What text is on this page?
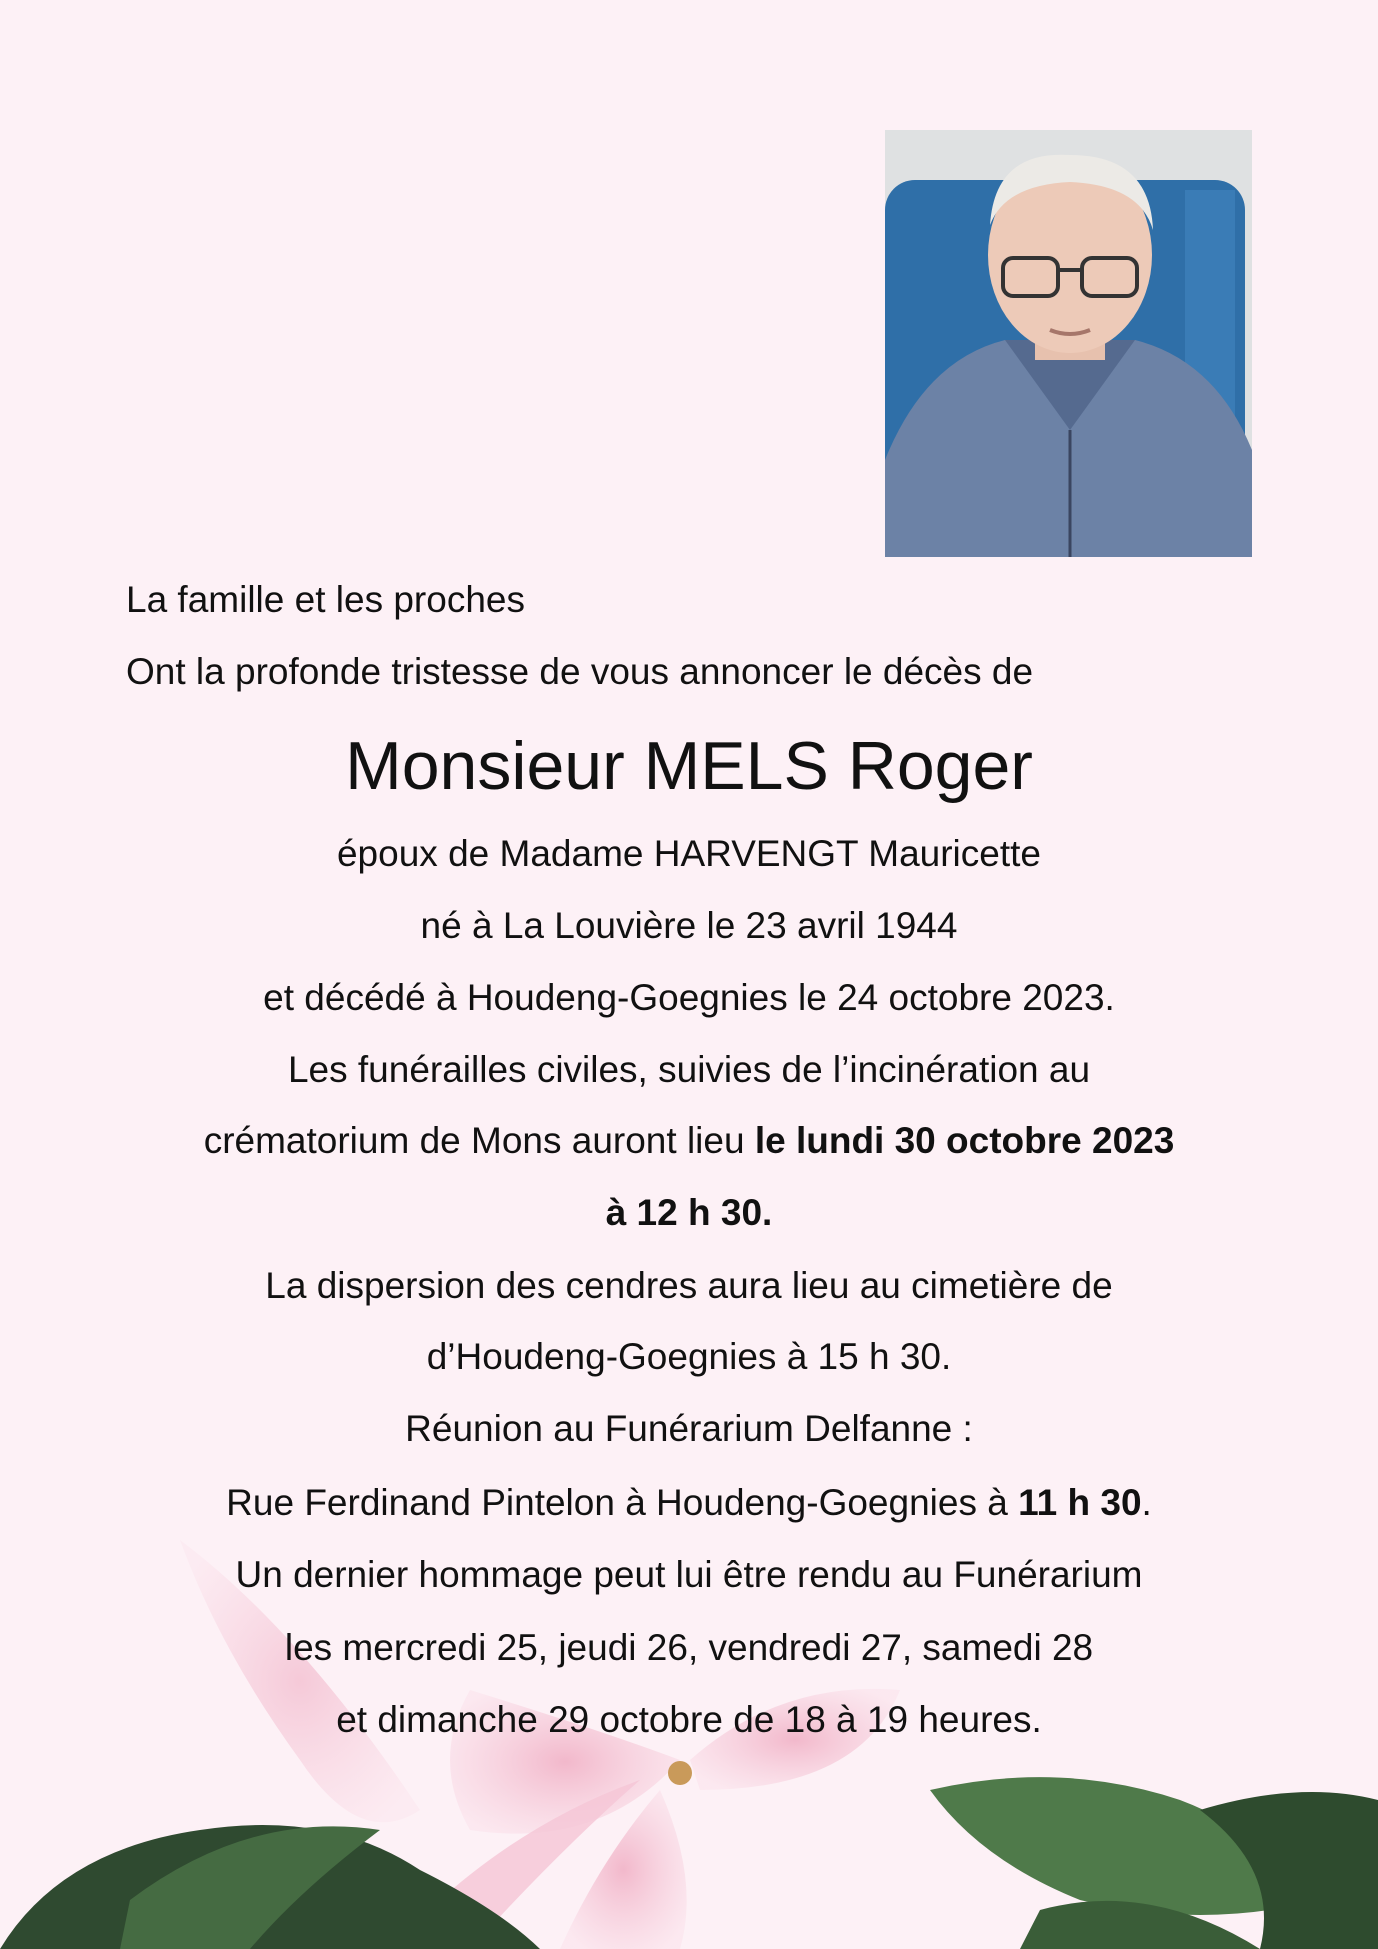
La famille et les proches
Ont la profonde tristesse de vous annoncer le décès de
Monsieur MELS Roger
époux de Madame HARVENGT Mauricette
né à La Louvière le 23 avril 1944
et décédé à Houdeng-Goegnies le 24 octobre 2023.
Les funérailles civiles, suivies de l’incinération au
crématorium de Mons auront lieu le lundi 30 octobre 2023
à 12 h 30.
La dispersion des cendres aura lieu au cimetière de
d’Houdeng-Goegnies à 15 h 30.
Réunion au Funérarium Delfanne :
Rue Ferdinand Pintelon à Houdeng-Goegnies à 11 h 30.
Un dernier hommage peut lui être rendu au Funérarium
les mercredi 25, jeudi 26, vendredi 27, samedi 28
et dimanche 29 octobre de 18 à 19 heures.
